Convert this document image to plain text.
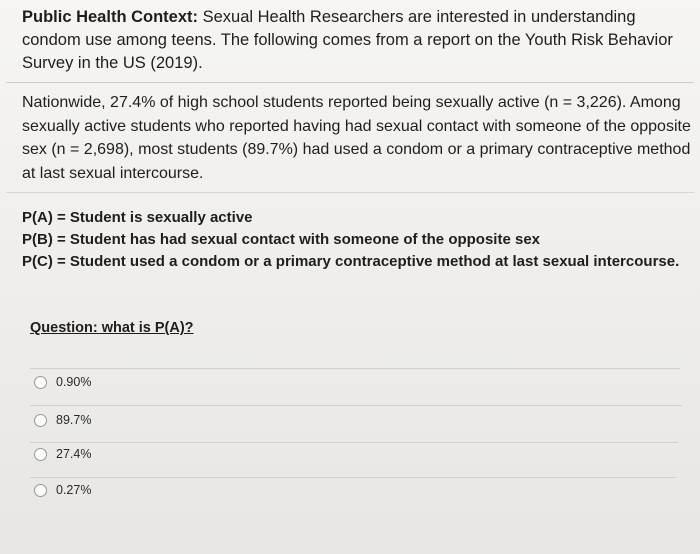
Public Health Context: Sexual Health Researchers are interested in understanding condom use among teens. The following comes from a report on the Youth Risk Behavior Survey in the US (2019).
Nationwide, 27.4% of high school students reported being sexually active (n = 3,226). Among sexually active students who reported having had sexual contact with someone of the opposite sex (n = 2,698), most students (89.7%) had used a condom or a primary contraceptive method at last sexual intercourse.
P(A) = Student is sexually active
P(B) = Student has had sexual contact with someone of the opposite sex
P(C) = Student used a condom or a primary contraceptive method at last sexual intercourse.
Question: what is P(A)?
0.90%
89.7%
27.4%
0.27%
